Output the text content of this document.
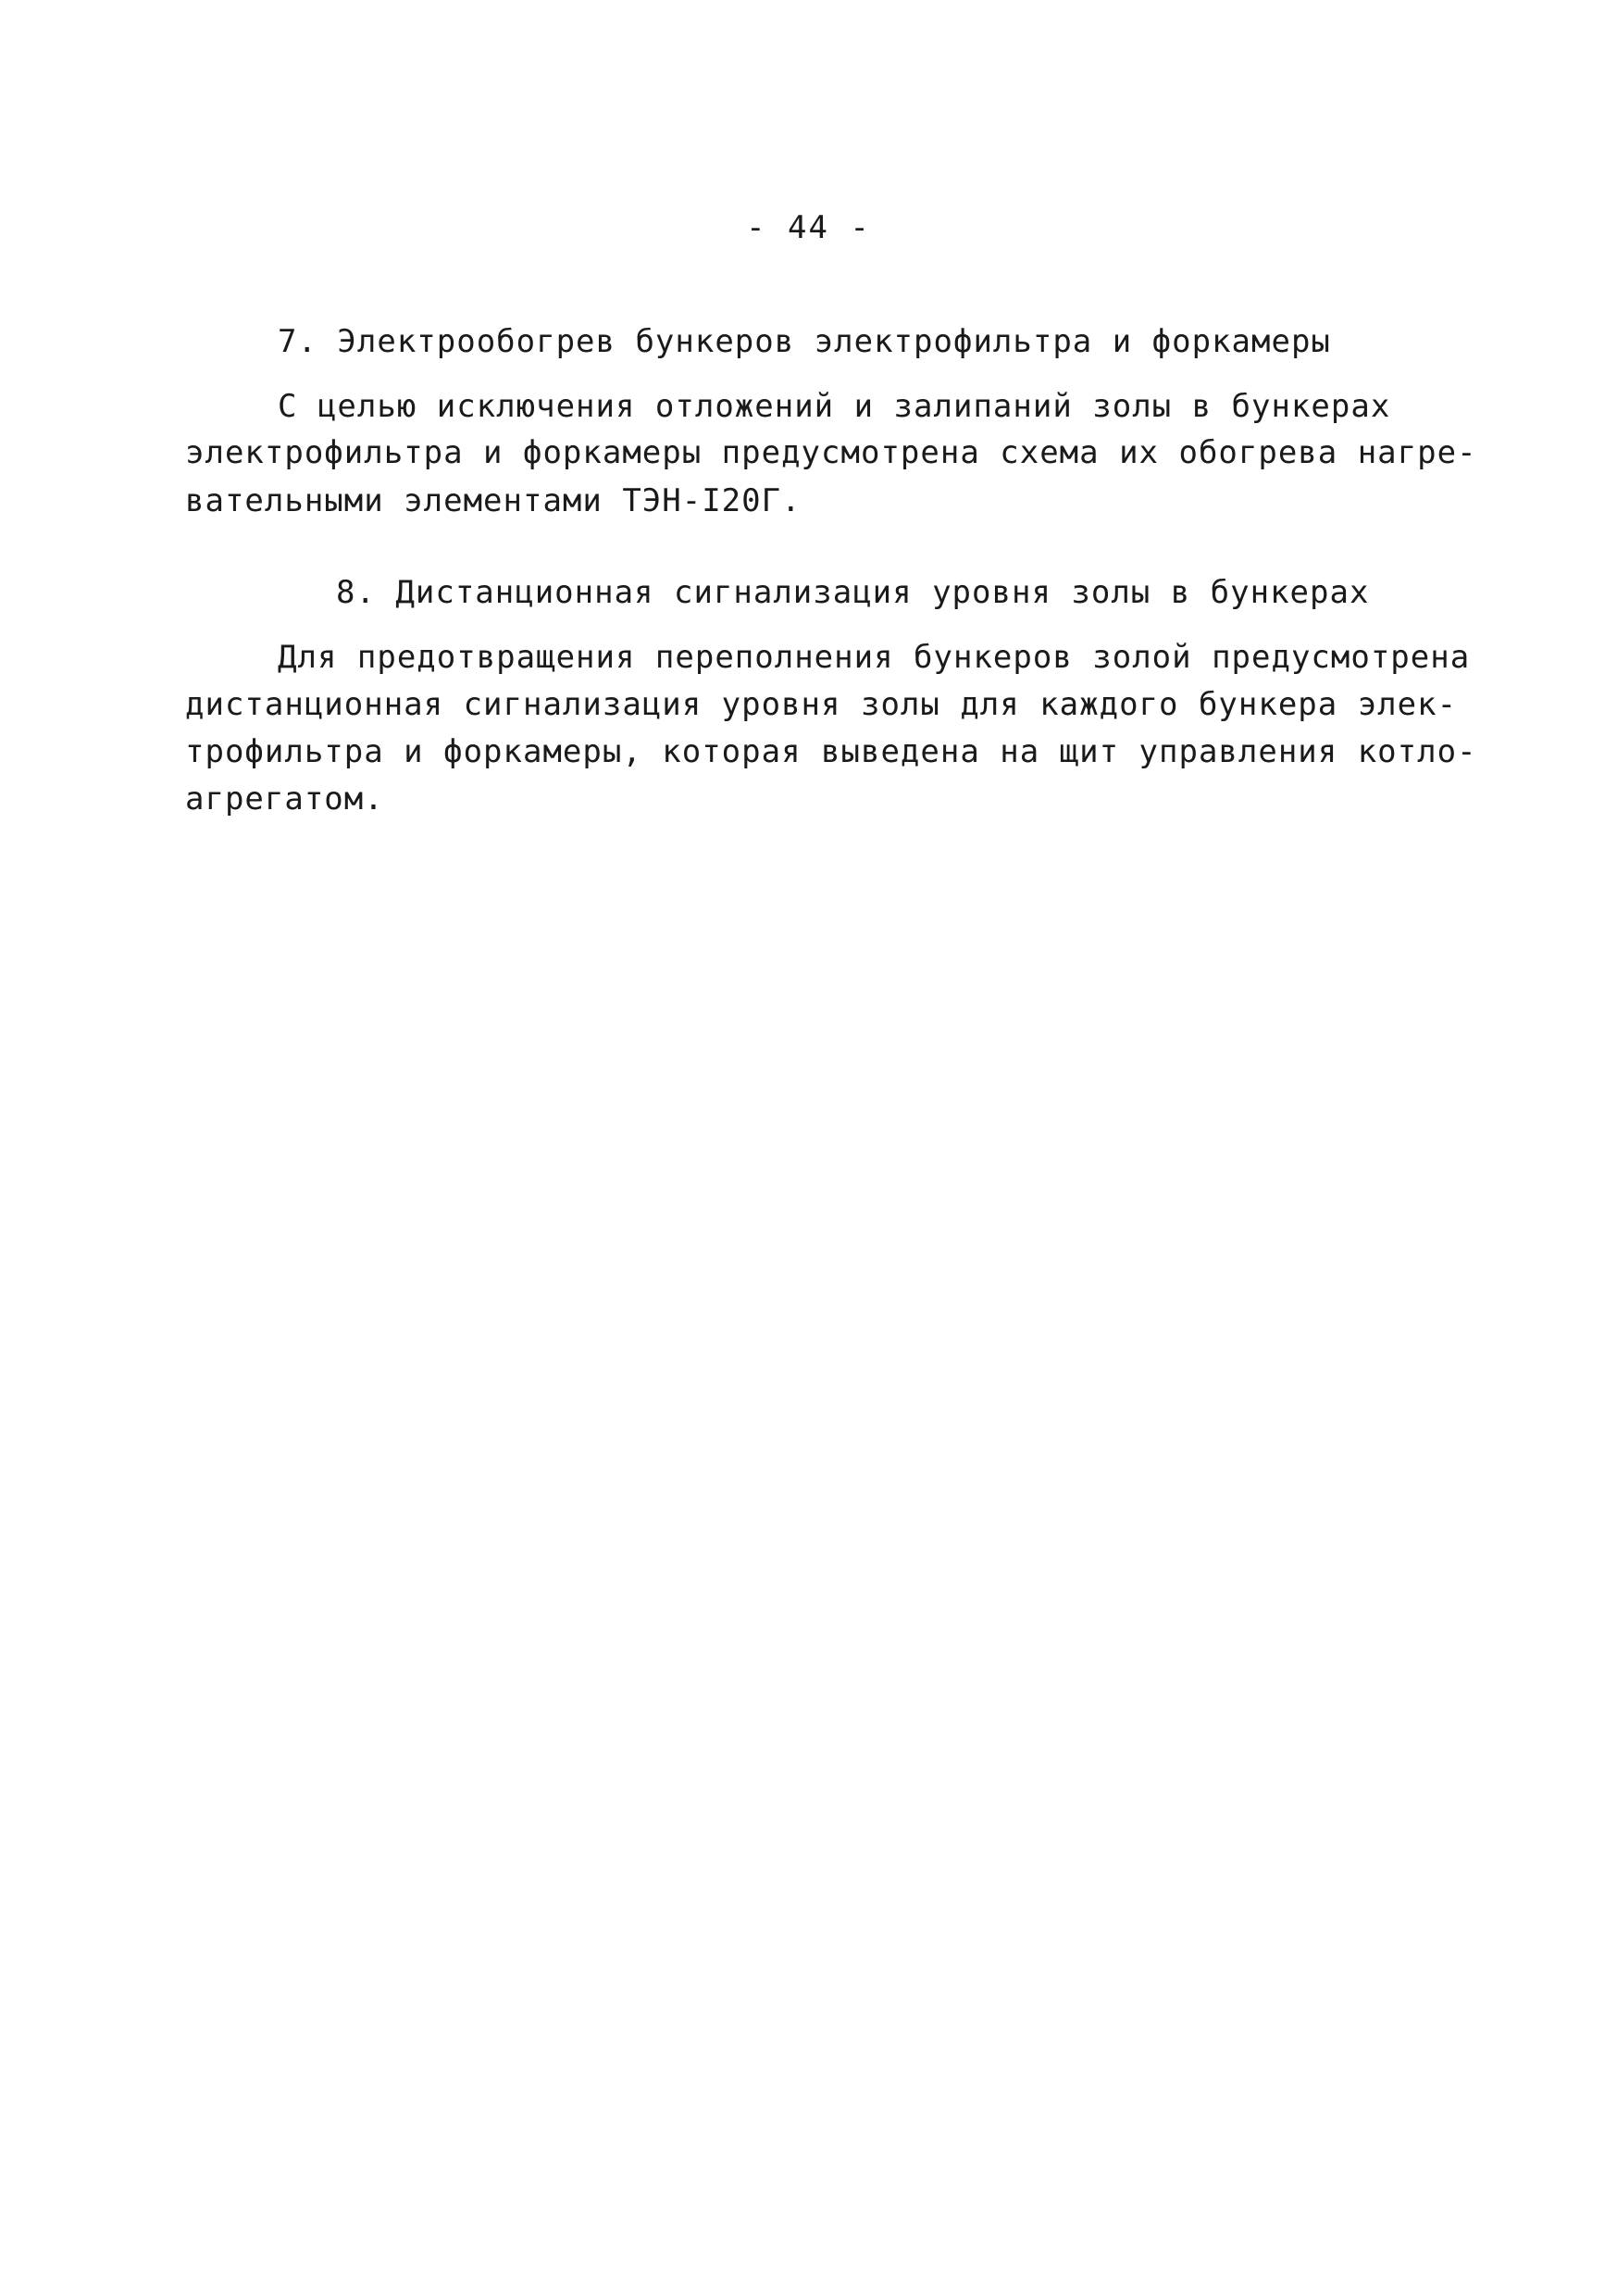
- 44 -
7. Электрообогрев бункеров электрофильтра и форкамеры
С целью исключения отложений и залипаний золы в бункерах
электрофильтра и форкамеры предусмотрена схема их обогрева нагре-
вательными элементами ТЭН-I20Г.
8. Дистанционная сигнализация уровня золы в бункерах
Для предотвращения переполнения бункеров золой предусмотрена
дистанционная сигнализация уровня золы для каждого бункера элек-
трофильтра и форкамеры, которая выведена на щит управления котло-
агрегатом.
